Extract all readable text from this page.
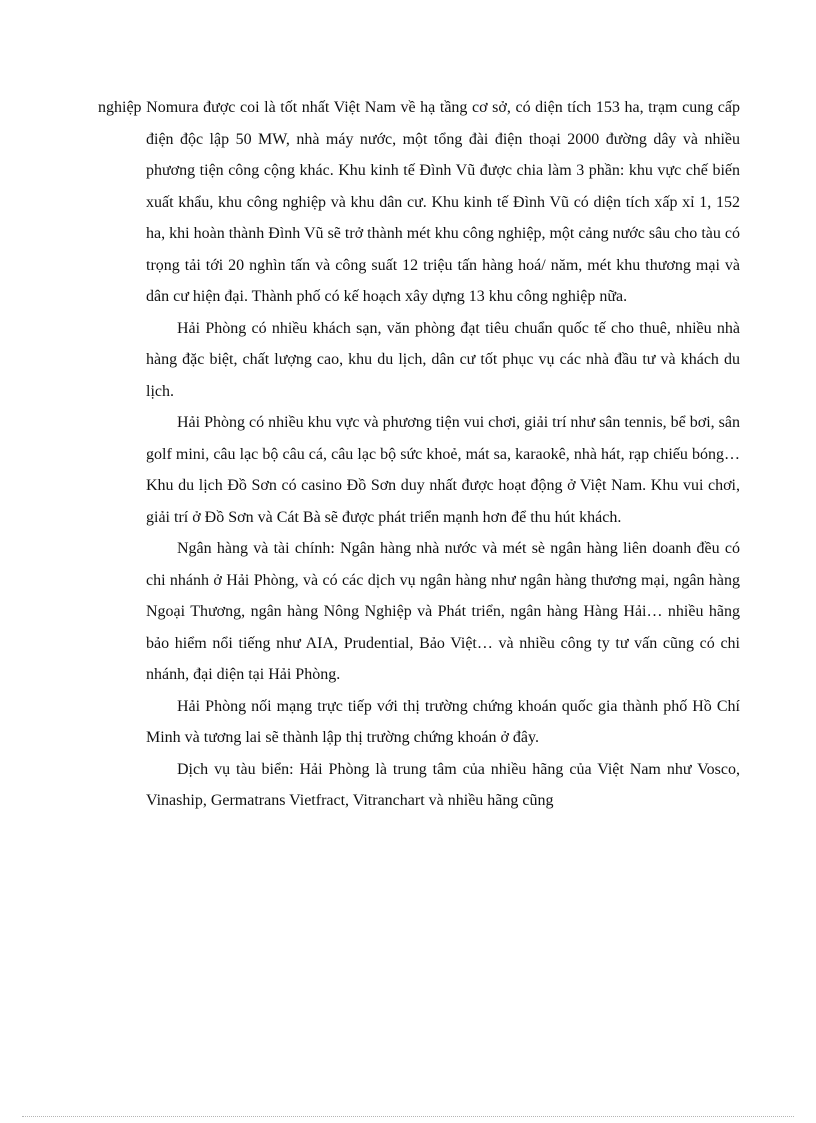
nghiệp Nomura được coi là tốt nhất Việt Nam về hạ tầng cơ sở, có diện tích 153 ha, trạm cung cấp điện độc lập 50 MW, nhà máy nước, một tổng đài điện thoại 2000 đường dây và nhiều phương tiện công cộng khác. Khu kinh tế Đình Vũ được chia làm 3 phần: khu vực chế biến xuất khẩu, khu công nghiệp và khu dân cư. Khu kinh tế Đình Vũ có diện tích xấp xỉ 1, 152 ha, khi hoàn thành Đình Vũ sẽ trở thành mét khu công nghiệp, một cảng nước sâu cho tàu có trọng tải tới 20 nghìn tấn và công suất 12 triệu tấn hàng hoá/ năm, mét khu thương mại và dân cư hiện đại. Thành phố có kế hoạch xây dựng 13 khu công nghiệp nữa.

Hải Phòng có nhiều khách sạn, văn phòng đạt tiêu chuẩn quốc tế cho thuê, nhiều nhà hàng đặc biệt, chất lượng cao, khu du lịch, dân cư tốt phục vụ các nhà đầu tư và khách du lịch.

Hải Phòng có nhiều khu vực và phương tiện vui chơi, giải trí như sân tennis, bể bơi, sân golf mini, câu lạc bộ câu cá, câu lạc bộ sức khoẻ, mát sa, karaokê, nhà hát, rạp chiếu bóng… Khu du lịch Đồ Sơn có casino Đồ Sơn duy nhất được hoạt động ở Việt Nam. Khu vui chơi, giải trí ở Đồ Sơn và Cát Bà sẽ được phát triển mạnh hơn để thu hút khách.

Ngân hàng và tài chính: Ngân hàng nhà nước và mét sè ngân hàng liên doanh đều có chi nhánh ở Hải Phòng, và có các dịch vụ ngân hàng như ngân hàng thương mại, ngân hàng Ngoại Thương, ngân hàng Nông Nghiệp và Phát triển, ngân hàng Hàng Hải… nhiều hãng bảo hiểm nổi tiếng như AIA, Prudential, Bảo Việt… và nhiều công ty tư vấn cũng có chi nhánh, đại diện tại Hải Phòng.

Hải Phòng nối mạng trực tiếp với thị trường chứng khoán quốc gia thành phố Hồ Chí Minh và tương lai sẽ thành lập thị trường chứng khoán ở đây.

Dịch vụ tàu biển: Hải Phòng là trung tâm của nhiều hãng của Việt Nam như Vosco, Vinaship, Germatrans Vietfract, Vitranchart và nhiều hãng cũng
